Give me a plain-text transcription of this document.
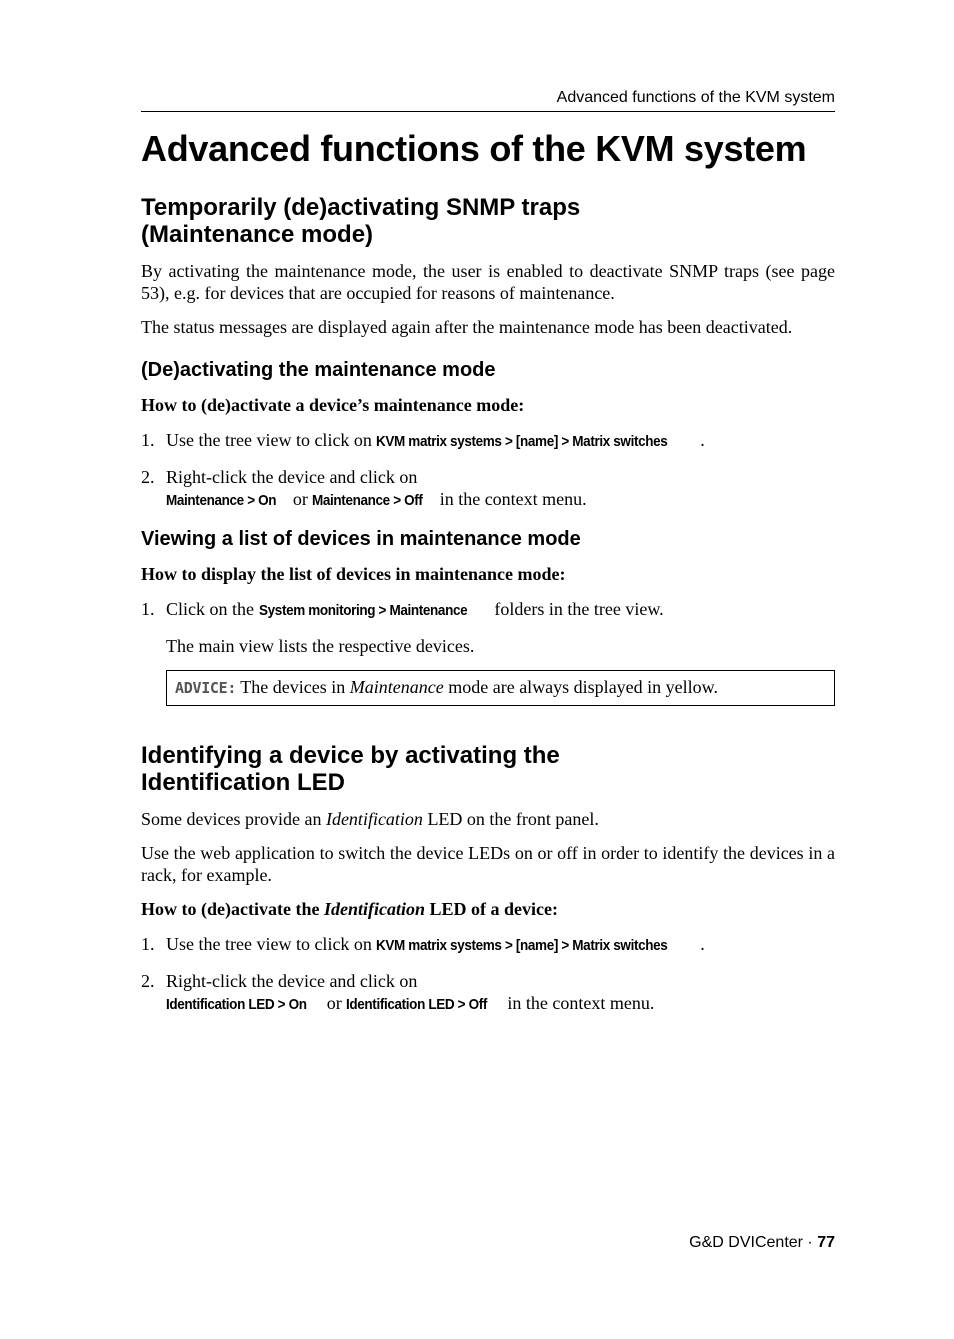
Advanced functions of the KVM system
Advanced functions of the KVM system
Temporarily (de)activating SNMP traps
(Maintenance mode)

By activating the maintenance mode, the user is enabled to deactivate SNMP traps (see page 53), e.g. for devices that are occupied for reasons of maintenance.

The status messages are displayed again after the maintenance mode has been deactivated.

(De)activating the maintenance mode
How to (de)activate a device’s maintenance mode:
1. Use the tree view to click on KVM matrix systems > [name] > Matrix switches .
2. Right-click the device and click on
Maintenance > On or Maintenance > Off in the context menu.
Viewing a list of devices in maintenance mode
How to display the list of devices in maintenance mode:
1. Click on the System monitoring > Maintenance folders in the tree view.
The main view lists the respective devices.
ADVICE: The devices in Maintenance mode are always displayed in yellow.
Identifying a device by activating the
Identification LED

Some devices provide an Identification LED on the front panel.

Use the web application to switch the device LEDs on or off in order to identify the devices in a rack, for example.

How to (de)activate the Identification LED of a device:
1. Use the tree view to click on KVM matrix systems > [name] > Matrix switches .
2. Right-click the device and click on
Identification LED > On or Identification LED > Off in the context menu.
G&D DVICenter · 77
